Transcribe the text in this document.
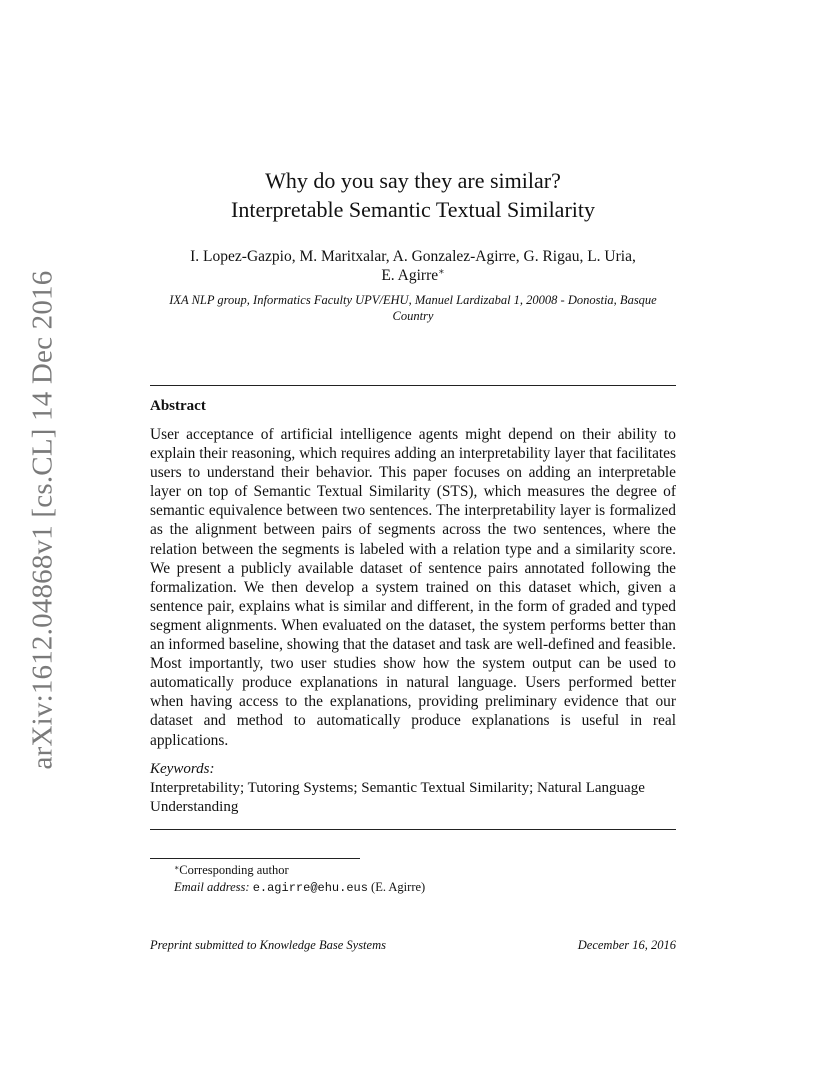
arXiv:1612.04868v1 [cs.CL] 14 Dec 2016
Why do you say they are similar?
Interpretable Semantic Textual Similarity
I. Lopez-Gazpio, M. Maritxalar, A. Gonzalez-Agirre, G. Rigau, L. Uria,
E. Agirre∗
IXA NLP group, Informatics Faculty UPV/EHU, Manuel Lardizabal 1, 20008 - Donostia, Basque Country
Abstract
User acceptance of artificial intelligence agents might depend on their ability to explain their reasoning, which requires adding an interpretability layer that facilitates users to understand their behavior. This paper focuses on adding an interpretable layer on top of Semantic Textual Similarity (STS), which measures the degree of semantic equivalence between two sentences. The interpretability layer is formalized as the alignment between pairs of segments across the two sentences, where the relation between the segments is labeled with a relation type and a similarity score. We present a publicly available dataset of sentence pairs annotated following the formalization. We then develop a system trained on this dataset which, given a sentence pair, explains what is similar and different, in the form of graded and typed segment alignments. When evaluated on the dataset, the system performs better than an informed baseline, showing that the dataset and task are well-defined and feasible. Most importantly, two user studies show how the system output can be used to automatically produce explanations in natural language. Users performed better when having access to the explanations, providing preliminary evidence that our dataset and method to automatically produce explanations is useful in real applications.
Keywords:
Interpretability; Tutoring Systems; Semantic Textual Similarity; Natural Language Understanding
∗Corresponding author
Email address: e.agirre@ehu.eus (E. Agirre)
Preprint submitted to Knowledge Base Systems	December 16, 2016
